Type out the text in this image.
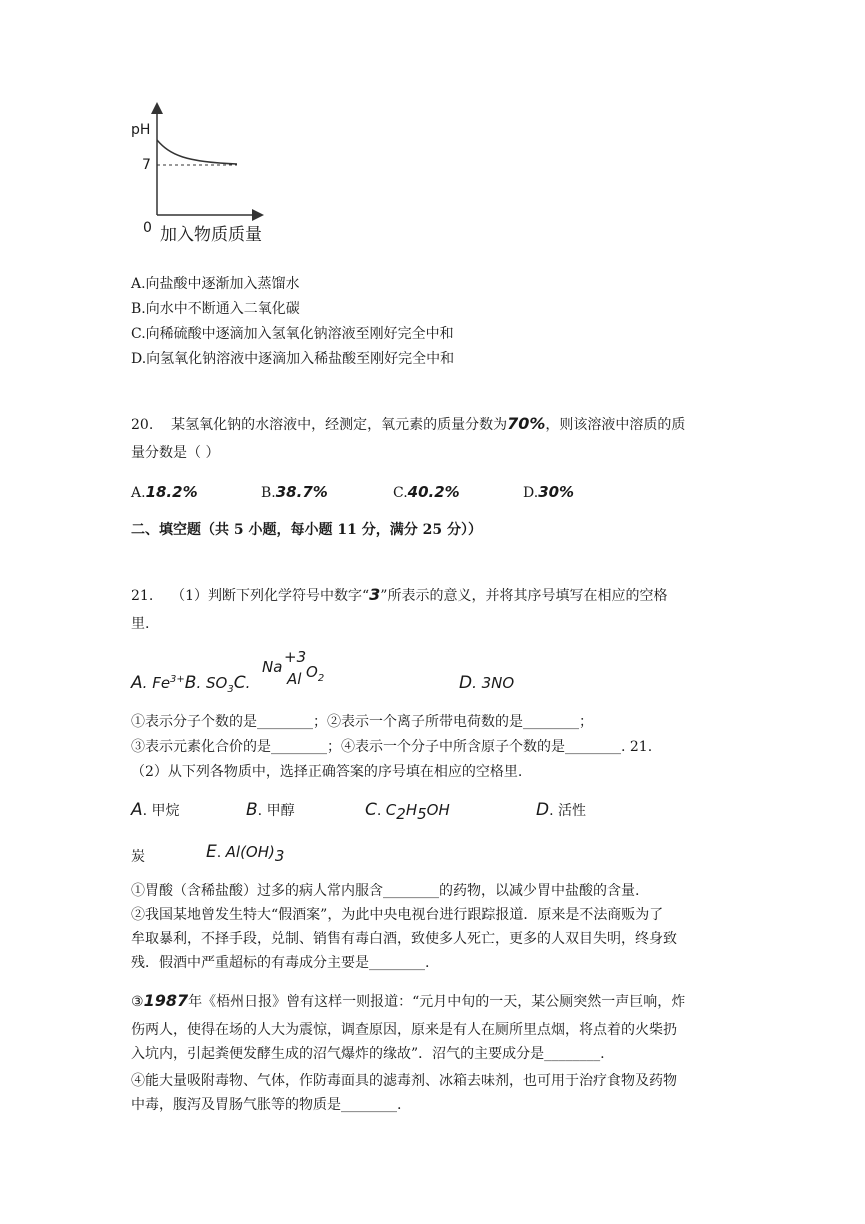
pH
7
0 加入物质质量
A.向盐酸中逐渐加入蒸馏水
B.向水中不断通入二氧化碳
C.向稀硫酸中逐滴加入氢氧化钠溶液至刚好完全中和
D.向氢氧化钠溶液中逐滴加入稀盐酸至刚好完全中和
20. 某氢氧化钠的水溶液中，经测定，氧元素的质量分数为70%，则该溶液中溶质的质
量分数是（ ）
A.18.2%	B.38.7%	C.40.2%	D.30%
二、填空题（共 5 小题，每小题 11 分，满分 25 分））
21. （1）判断下列化学符号中数字“3”所表示的意义，并将其序号填写在相应的空格
里.
A. $Fe^{3+}B$. $SO_3C$.
Na
+3
Al $O_2$	D. 3NO
①表示分子个数的是________；②表示一个离子所带电荷数的是________；
③表示元素化合价的是________；④表示一个分子中所含原子个数的是________. 21.
（2）从下列各物质中，选择正确答案的序号填在相应的空格里.
A. 甲烷	B. 甲醇	C. $C_2H_5OH$	D. 活性
炭	E. $Al(OH)_3$
①胃酸（含稀盐酸）过多的病人常内服含________的药物，以减少胃中盐酸的含量.
②我国某地曾发生特大“假酒案”，为此中央电视台进行跟踪报道．原来是不法商贩为了
牟取暴利，不择手段，兑制、销售有毒白酒，致使多人死亡，更多的人双目失明，终身致
残．假酒中严重超标的有毒成分主要是________.
③1987年《梧州日报》曾有这样一则报道：“元月中旬的一天，某公厕突然一声巨响，炸
伤两人，使得在场的人大为震惊，调查原因，原来是有人在厕所里点烟，将点着的火柴扔
入坑内，引起粪便发酵生成的沼气爆炸的缘故”．沼气的主要成分是________.
④能大量吸附毒物、气体，作防毒面具的滤毒剂、冰箱去味剂，也可用于治疗食物及药物
中毒，腹泻及胃肠气胀等的物质是________.
